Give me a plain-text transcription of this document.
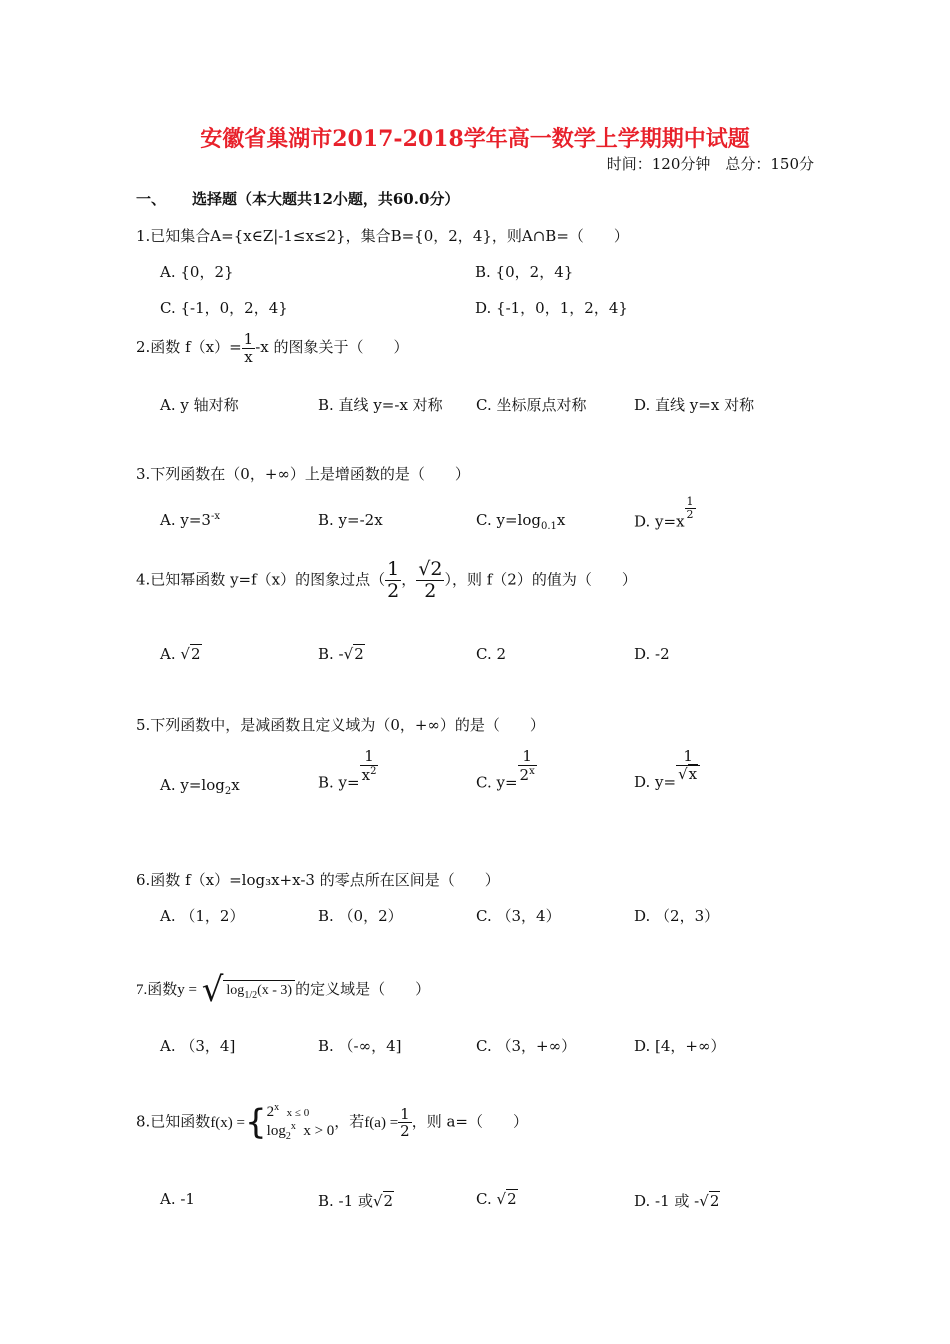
安徽省巢湖市2017-2018学年高一数学上学期期中试题
时间：120分钟　总分：150分
一、 选择题（本大题共12小题，共60.0分）
1.已知集合A={x∈Z|-1≤x≤2}，集合B={0，2，4}，则A∩B=（　　）
A. {0，2}	B. {0，2，4}
C. {-1，0，2，4}	D. {-1，0，1，2，4}
2.函数 $f(x)= \frac{1}{x} -x$ 的图象关于（　　）
A. y 轴对称	B. 直线 y=-x 对称 C. 坐标原点对称	D. 直线 y=x 对称
3.下列函数在（0，+∞）上是增函数的是（　　）
A. $y=3^{-x}$	B. y=-2x	C. $y=\log_{0.1}x$	D. y=x
$\frac{1}{2}$
4.已知幂函数 y=f（x）的图象过点（ $\frac{1}{2}$ ， $\frac{√2}{2}$ ），则 f（2）的值为（　　）
A. √2	B. -√2	C. 2	D. -2
5.下列函数中，是减函数且定义域为（0，+∞）的是（　　）
A. $y=\log_2x$	B. $y= \frac{1}{x^2}$	C. $y= \frac{1}{2^x}$	D. $y= \frac{1}{√x}$
6.函数 f（x）=log₃x+x-3 的零点所在区间是（　　）
A. （1，2）	B. （0，2）	C. （3，4）	D. （2，3）
7.函数y = √ $\log_{1/2}(x - 3)$ 的定义域是（　　）
A. （3，4]	B. （-∞，4]	C. （3，+∞）	D. [4，+∞）
8.已知函数f(x) ={ 2$^x$ x ≤ 0
$\log_2^x x > 0$
，若$f(a) = \frac{1}{2}$ ，则 a=（　　）
A. -1	B. -1 或√2	C. √2	D. -1 或 -√2
